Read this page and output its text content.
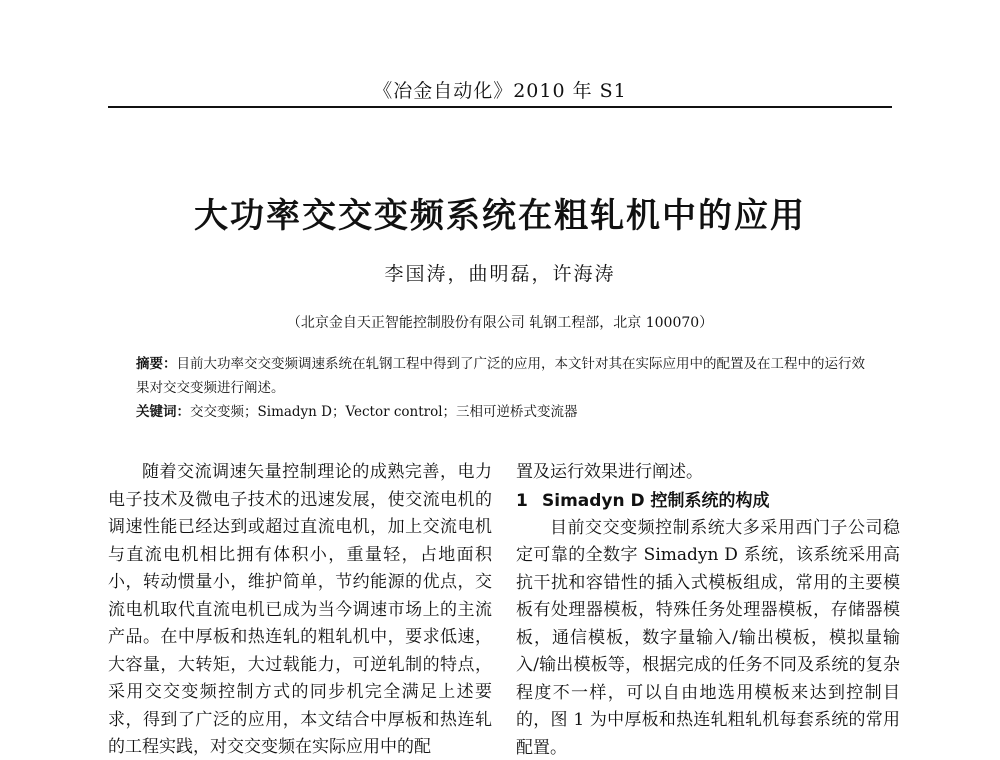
《冶金自动化》2010 年 S1
大功率交交变频系统在粗轧机中的应用
李国涛，曲明磊，许海涛
（北京金自天正智能控制股份有限公司 轧钢工程部，北京 100070）

摘要：目前大功率交交变频调速系统在轧钢工程中得到了广泛的应用，本文针对其在实际应用中的配置及在工程中的运行效果对交交变频进行阐述。

关键词：交交变频；Simadyn D；Vector control；三相可逆桥式变流器

随着交流调速矢量控制理论的成熟完善，电力电子技术及微电子技术的迅速发展，使交流电机的调速性能已经达到或超过直流电机，加上交流电机与直流电机相比拥有体积小，重量轻，占地面积小，转动惯量小，维护简单，节约能源的优点，交流电机取代直流电机已成为当今调速市场上的主流产品。在中厚板和热连轧的粗轧机中，要求低速，大容量，大转矩，大过载能力，可逆轧制的特点，采用交交变频控制方式的同步机完全满足上述要求，得到了广泛的应用，本文结合中厚板和热连轧的工程实践，对交交变频在实际应用中的配

置及运行效果进行阐述。

1 Simadyn D 控制系统的构成

目前交交变频控制系统大多采用西门子公司稳定可靠的全数字 Simadyn D 系统，该系统采用高抗干扰和容错性的插入式模板组成，常用的主要模板有处理器模板，特殊任务处理器模板，存储器模板，通信模板，数字量输入/输出模板，模拟量输入/输出模板等，根据完成的任务不同及系统的复杂程度不一样，可以自由地选用模板来达到控制目的，图 1 为中厚板和热连轧粗轧机每套系统的常用配置。
